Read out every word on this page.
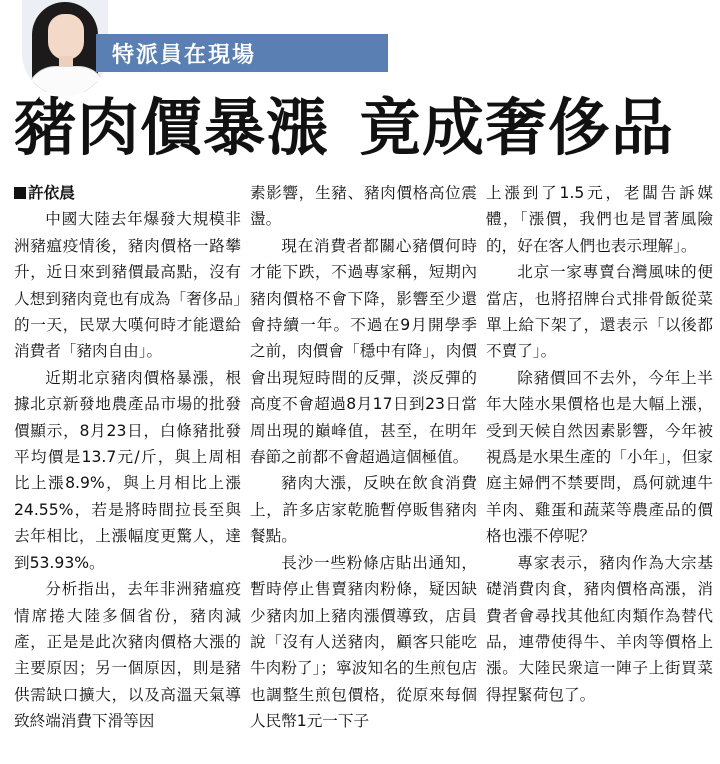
特派員在現場
豬肉價暴漲 竟成奢侈品
許依晨

中國大陸去年爆發大規模非洲豬瘟疫情後，豬肉價格一路攀升，近日來到豬價最高點，沒有人想到豬肉竟也有成為「奢侈品」的一天，民眾大嘆何時才能還給消費者「豬肉自由」。

近期北京豬肉價格暴漲，根據北京新發地農產品市場的批發價顯示，8月23日，白條豬批發平均價是13.7元/斤，與上周相比上漲8.9%，與上月相比上漲24.55%，若是將時間拉長至與去年相比，上漲幅度更驚人，達到53.93%。

分析指出，去年非洲豬瘟疫情席捲大陸多個省份，豬肉減產，正是是此次豬肉價格大漲的主要原因；另一個原因，則是豬供需缺口擴大，以及高溫天氣導致終端消費下滑等因

素影響，生豬、豬肉價格高位震盪。

現在消費者都關心豬價何時才能下跌，不過專家稱，短期內豬肉價格不會下降，影響至少還會持續一年。不過在9月開學季之前，肉價會「穩中有降」，肉價會出現短時間的反彈，淡反彈的高度不會超過8月17日到23日當周出現的巔峰值，甚至，在明年春節之前都不會超過這個極值。

豬肉大漲，反映在飲食消費上，許多店家乾脆暫停販售豬肉餐點。

長沙一些粉條店貼出通知，暫時停止售賣豬肉粉條，疑因缺少豬肉加上豬肉漲價導致，店員說「沒有人送豬肉，顧客只能吃牛肉粉了」；寧波知名的生煎包店也調整生煎包價格，從原來每個人民幣1元一下子

上漲到了1.5元，老闆告訴媒體，「漲價，我們也是冒著風險的，好在客人們也表示理解」。

北京一家專賣台灣風味的便當店，也將招牌台式排骨飯從菜單上給下架了，還表示「以後都不賣了」。

除豬價回不去外，今年上半年大陸水果價格也是大幅上漲，受到天候自然因素影響，今年被視爲是水果生產的「小年」，但家庭主婦們不禁要問，爲何就連牛羊肉、雞蛋和蔬菜等農產品的價格也漲不停呢？

專家表示，豬肉作為大宗基礎消費肉食，豬肉價格高漲，消費者會尋找其他紅肉類作為替代品，連帶使得牛、羊肉等價格上漲。大陸民衆這一陣子上街買菜得捏緊荷包了。
